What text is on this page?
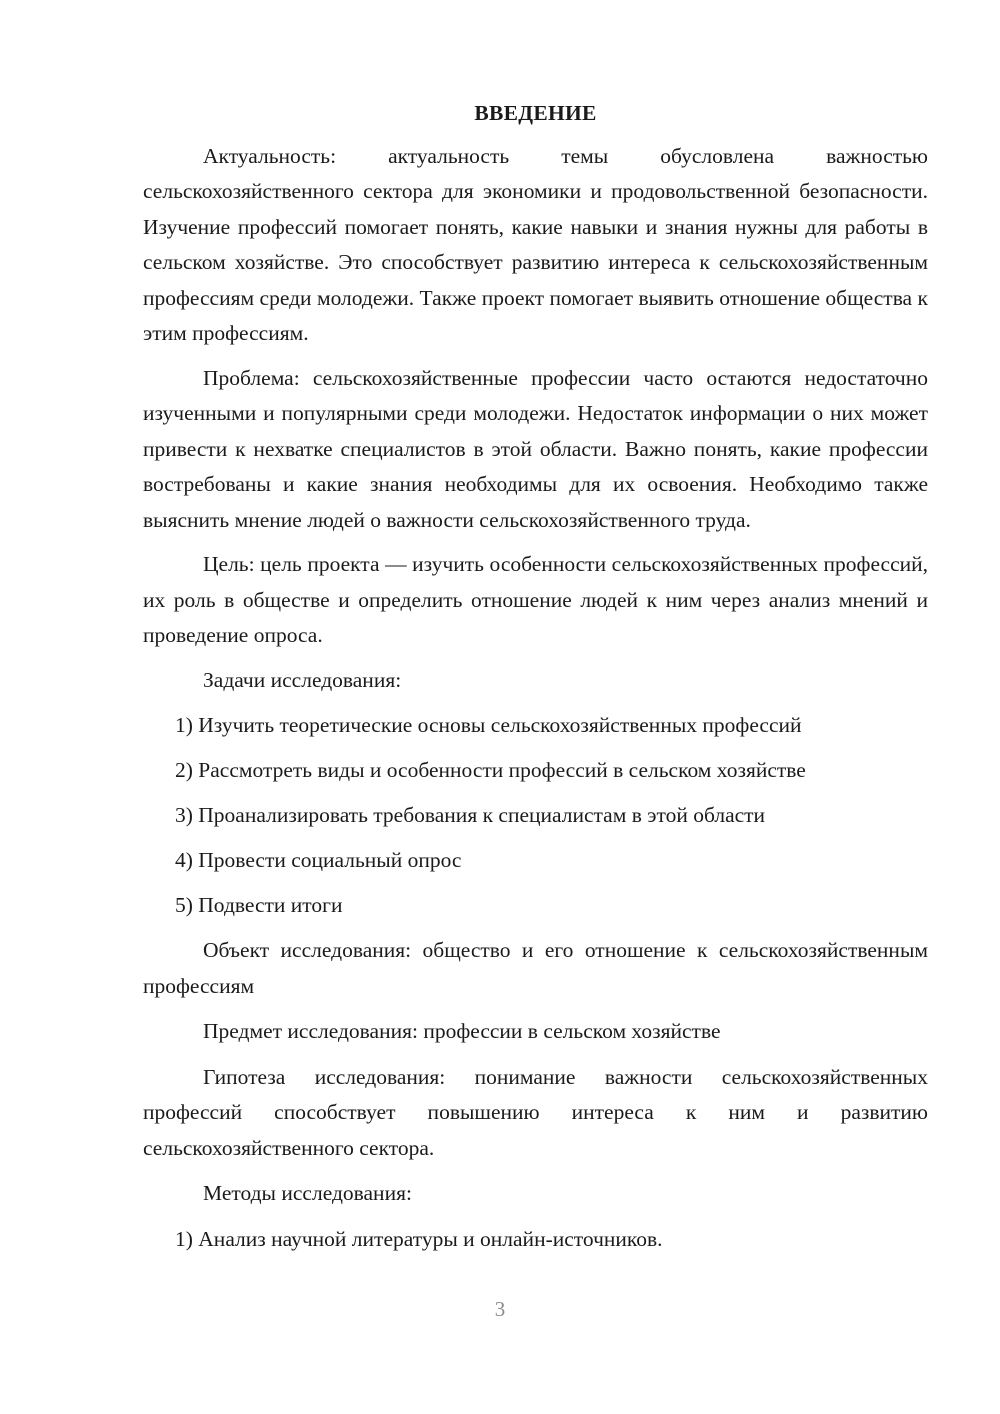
ВВЕДЕНИЕ

Актуальность: актуальность темы обусловлена важностью сельскохозяйственного сектора для экономики и продовольственной безопасности. Изучение профессий помогает понять, какие навыки и знания нужны для работы в сельском хозяйстве. Это способствует развитию интереса к сельскохозяйственным профессиям среди молодежи. Также проект помогает выявить отношение общества к этим профессиям.

Проблема: сельскохозяйственные профессии часто остаются недостаточно изученными и популярными среди молодежи. Недостаток информации о них может привести к нехватке специалистов в этой области. Важно понять, какие профессии востребованы и какие знания необходимы для их освоения. Необходимо также выяснить мнение людей о важности сельскохозяйственного труда.

Цель: цель проекта — изучить особенности сельскохозяйственных профессий, их роль в обществе и определить отношение людей к ним через анализ мнений и проведение опроса.

Задачи исследования:
1) Изучить теоретические основы сельскохозяйственных профессий
2) Рассмотреть виды и особенности профессий в сельском хозяйстве
3) Проанализировать требования к специалистам в этой области
4) Провести социальный опрос
5) Подвести итоги

Объект исследования: общество и его отношение к сельскохозяйственным профессиям

Предмет исследования: профессии в сельском хозяйстве

Гипотеза исследования: понимание важности сельскохозяйственных профессий способствует повышению интереса к ним и развитию сельскохозяйственного сектора.

Методы исследования:
1) Анализ научной литературы и онлайн-источников.
3
